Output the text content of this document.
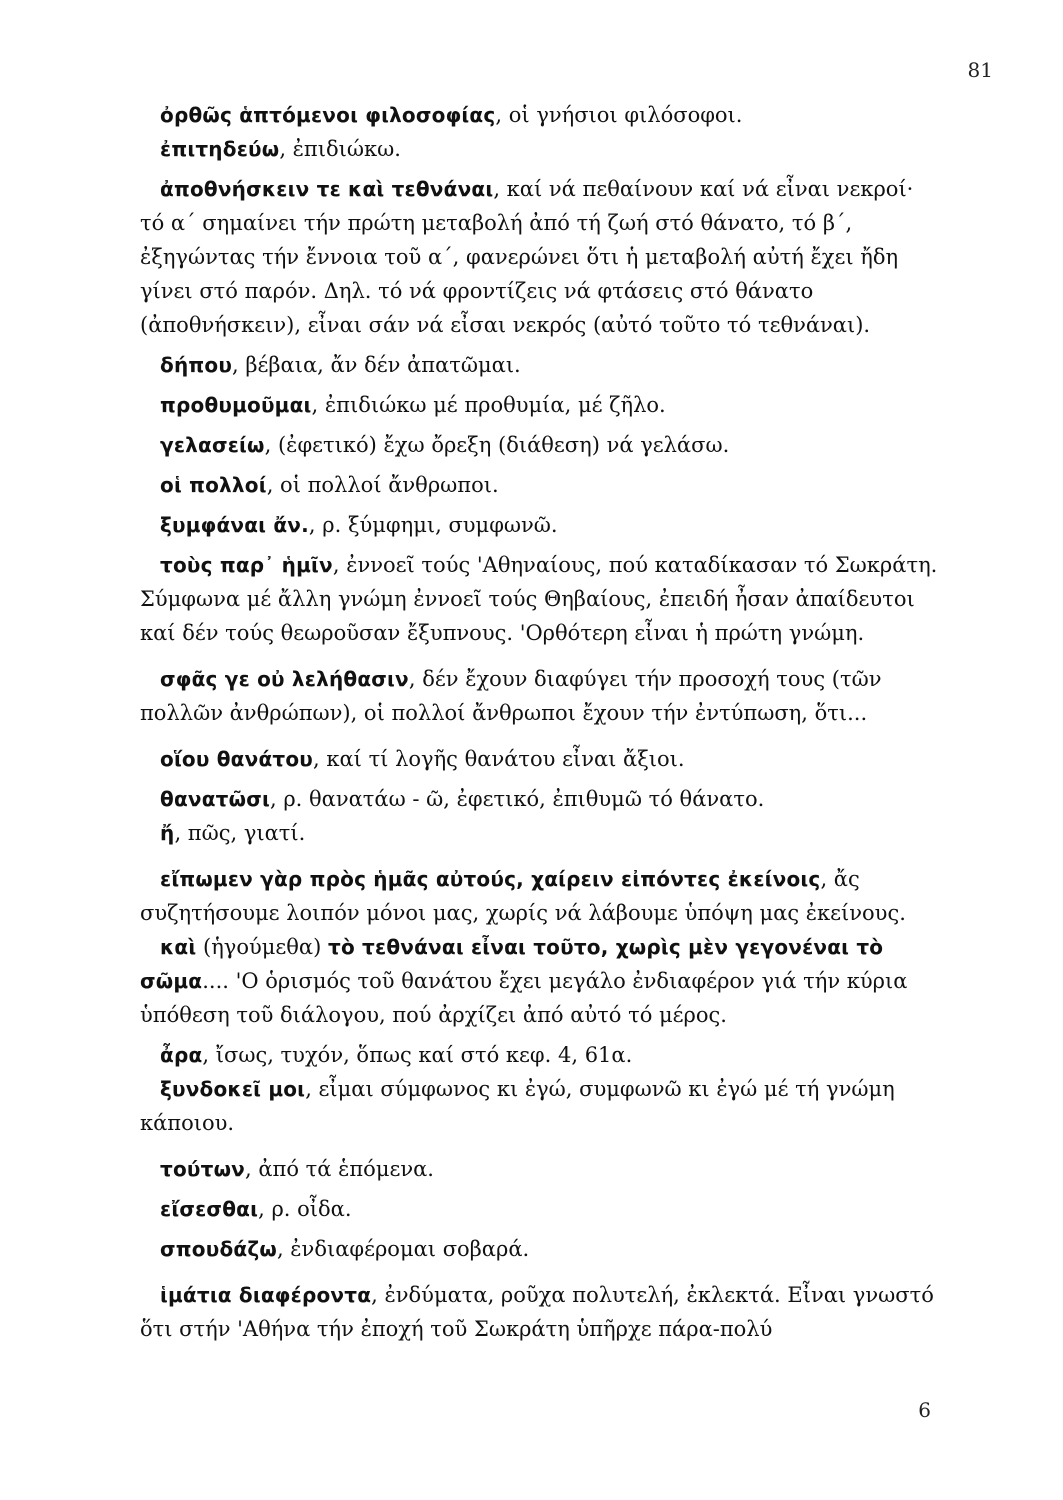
81

ὀρθῶς ἁπτόμενοι φιλοσοφίας, οἱ γνήσιοι φιλόσοφοι.

ἐπιτηδεύω, ἐπιδιώκω.

ἀποθνήσκειν τε καὶ τεθνάναι, καί νά πεθαίνουν καί νά εἶναι νεκροί· τό α΄ σημαίνει τήν πρώτη μεταβολή ἀπό τή ζωή στό θάνατο, τό β΄, ἐξηγώντας τήν ἔννοια τοῦ α΄, φανερώνει ὅτι ἡ μεταβολή αὐτή ἔχει ἤδη γίνει στό παρόν. Δηλ. τό νά φροντίζεις νά φτάσεις στό θάνατο (ἀποθνήσκειν), εἶναι σάν νά εἶσαι νεκρός (αὐτό τοῦτο τό τεθνάναι).

δήπου, βέβαια, ἄν δέν ἀπατῶμαι.

προθυμοῦμαι, ἐπιδιώκω μέ προθυμία, μέ ζῆλο.

γελασείω, (ἐφετικό) ἔχω ὄρεξη (διάθεση) νά γελάσω.

οἱ πολλοί, οἱ πολλοί ἄνθρωποι.

ξυμφάναι ἄν., ρ. ξύμφημι, συμφωνῶ.

τοὺς παρ᾽ ἡμῖν, ἐννοεῖ τούς 'Αθηναίους, πού καταδίκασαν τό Σωκράτη. Σύμφωνα μέ ἄλλη γνώμη ἐννοεῖ τούς Θηβαίους, ἐπειδή ἦσαν ἀπαίδευτοι καί δέν τούς θεωροῦσαν ἔξυπνους. 'Ορθότερη εἶναι ἡ πρώτη γνώμη.

σφᾶς γε οὐ λελήθασιν, δέν ἔχουν διαφύγει τήν προσοχή τους (τῶν πολλῶν ἀνθρώπων), οἱ πολλοί ἄνθρωποι ἔχουν τήν ἐντύπωση, ὅτι...

οἵου θανάτου, καί τί λογῆς θανάτου εἶναι ἄξιοι.

θανατῶσι, ρ. θανατάω - ῶ, ἐφετικό, ἐπιθυμῶ τό θάνατο.

ἤ, πῶς, γιατί.

εἴπωμεν γὰρ πρὸς ἡμᾶς αὐτούς, χαίρειν εἰπόντες ἐκείνοις, ἄς συζητήσουμε λοιπόν μόνοι μας, χωρίς νά λάβουμε ὑπόψη μας ἐκείνους.

καὶ (ἡγούμεθα) τὸ τεθνάναι εἶναι τοῦτο, χωρὶς μὲν γεγονέναι τὸ σῶμα.... 'Ο ὁρισμός τοῦ θανάτου ἔχει μεγάλο ἐνδιαφέρον γιά τήν κύρια ὑπόθεση τοῦ διάλογου, πού ἀρχίζει ἀπό αὐτό τό μέρος.

ἆρα, ἴσως, τυχόν, ὅπως καί στό κεφ. 4, 61α.

ξυνδοκεῖ μοι, εἶμαι σύμφωνος κι ἐγώ, συμφωνῶ κι ἐγώ μέ τή γνώμη κάποιου.

τούτων, ἀπό τά ἑπόμενα.

εἴσεσθαι, ρ. οἶδα.

σπουδάζω, ἐνδιαφέρομαι σοβαρά.

ἱμάτια διαφέροντα, ἐνδύματα, ροῦχα πολυτελή, ἐκλεκτά. Εἶναι γνωστό ὅτι στήν 'Αθήνα τήν ἐποχή τοῦ Σωκράτη ὑπῆρχε πάρα-πολύ

6
